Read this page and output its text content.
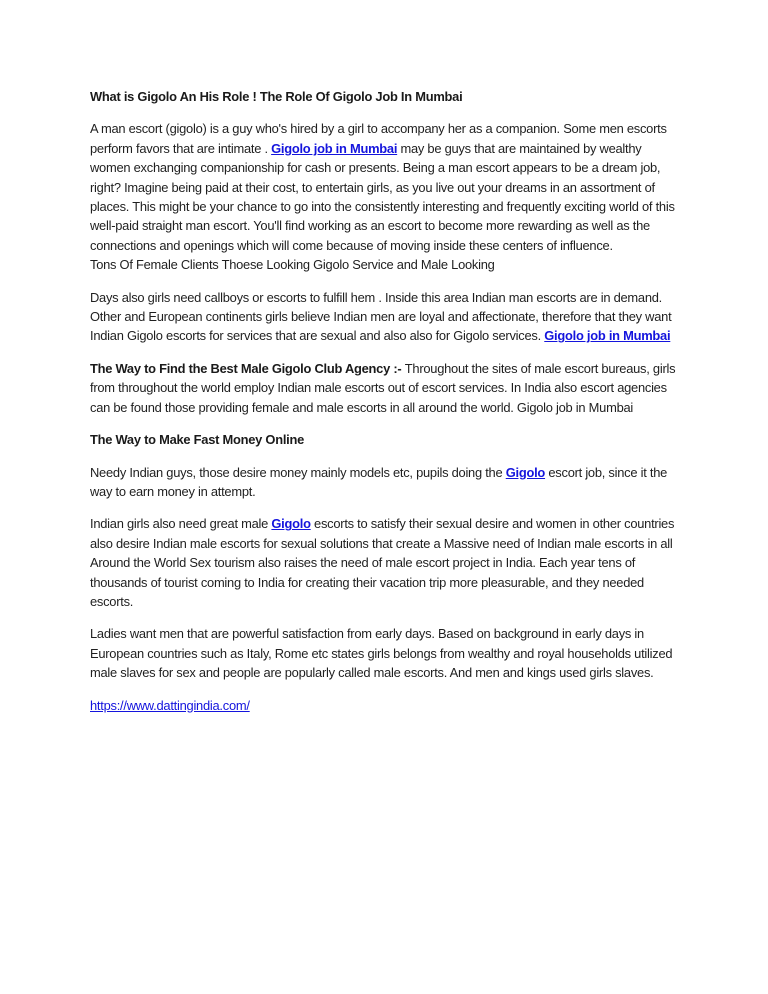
What is Gigolo An His Role ! The Role Of Gigolo Job In Mumbai

A man escort (gigolo) is a guy who's hired by a girl to accompany her as a companion. Some men escorts perform favors that are intimate . Gigolo job in Mumbai may be guys that are maintained by wealthy women exchanging companionship for cash or presents. Being a man escort appears to be a dream job, right? Imagine being paid at their cost, to entertain girls, as you live out your dreams in an assortment of places. This might be your chance to go into the consistently interesting and frequently exciting world of this well-paid straight man escort. You'll find working as an escort to become more rewarding as well as the connections and openings which will come because of moving inside these centers of influence.
Tons Of Female Clients Thoese Looking Gigolo Service and Male Looking

Days also girls need callboys or escorts to fulfill hem . Inside this area Indian man escorts are in demand. Other and European continents girls believe Indian men are loyal and affectionate, therefore that they want Indian Gigolo escorts for services that are sexual and also also for Gigolo services. Gigolo job in Mumbai

The Way to Find the Best Male Gigolo Club Agency :- Throughout the sites of male escort bureaus, girls from throughout the world employ Indian male escorts out of escort services. In India also escort agencies can be found those providing female and male escorts in all around the world. Gigolo job in Mumbai

The Way to Make Fast Money Online

Needy Indian guys, those desire money mainly models etc, pupils doing the Gigolo escort job, since it the way to earn money in attempt.

Indian girls also need great male Gigolo escorts to satisfy their sexual desire and women in other countries also desire Indian male escorts for sexual solutions that create a Massive need of Indian male escorts in all Around the World Sex tourism also raises the need of male escort project in India. Each year tens of thousands of tourist coming to India for creating their vacation trip more pleasurable, and they needed escorts.

Ladies want men that are powerful satisfaction from early days. Based on background in early days in European countries such as Italy, Rome etc states girls belongs from wealthy and royal households utilized male slaves for sex and people are popularly called male escorts. And men and kings used girls slaves.

https://www.dattingindia.com/
